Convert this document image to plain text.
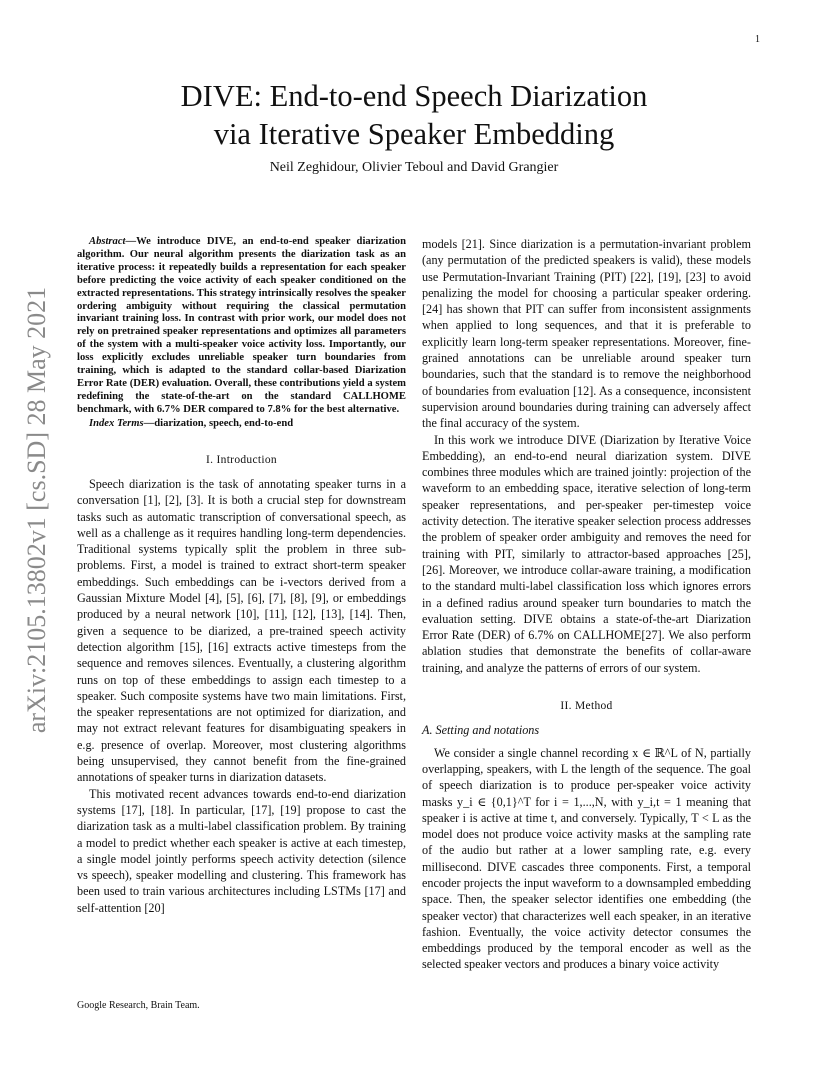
1
arXiv:2105.13802v1 [cs.SD] 28 May 2021
DIVE: End-to-end Speech Diarization
via Iterative Speaker Embedding
Neil Zeghidour, Olivier Teboul and David Grangier

Abstract—We introduce DIVE, an end-to-end speaker diarization algorithm. Our neural algorithm presents the diarization task as an iterative process: it repeatedly builds a representation for each speaker before predicting the voice activity of each speaker conditioned on the extracted representations. This strategy intrinsically resolves the speaker ordering ambiguity without requiring the classical permutation invariant training loss. In contrast with prior work, our model does not rely on pretrained speaker representations and optimizes all parameters of the system with a multi-speaker voice activity loss. Importantly, our loss explicitly excludes unreliable speaker turn boundaries from training, which is adapted to the standard collar-based Diarization Error Rate (DER) evaluation. Overall, these contributions yield a system redefining the state-of-the-art on the standard CALLHOME benchmark, with 6.7% DER compared to 7.8% for the best alternative.

Index Terms—diarization, speech, end-to-end

I. Introduction

Speech diarization is the task of annotating speaker turns in a conversation [1], [2], [3]. It is both a crucial step for downstream tasks such as automatic transcription of conversational speech, as well as a challenge as it requires handling long-term dependencies. Traditional systems typically split the problem in three sub-problems. First, a model is trained to extract short-term speaker embeddings. Such embeddings can be i-vectors derived from a Gaussian Mixture Model [4], [5], [6], [7], [8], [9], or embeddings produced by a neural network [10], [11], [12], [13], [14]. Then, given a sequence to be diarized, a pre-trained speech activity detection algorithm [15], [16] extracts active timesteps from the sequence and removes silences. Eventually, a clustering algorithm runs on top of these embeddings to assign each timestep to a speaker. Such composite systems have two main limitations. First, the speaker representations are not optimized for diarization, and may not extract relevant features for disambiguating speakers in e.g. presence of overlap. Moreover, most clustering algorithms being unsupervised, they cannot benefit from the fine-grained annotations of speaker turns in diarization datasets.

This motivated recent advances towards end-to-end diarization systems [17], [18]. In particular, [17], [19] propose to cast the diarization task as a multi-label classification problem. By training a model to predict whether each speaker is active at each timestep, a single model jointly performs speech activity detection (silence vs speech), speaker modelling and clustering. This framework has been used to train various architectures including LSTMs [17] and self-attention [20]

Google Research, Brain Team.

models [21]. Since diarization is a permutation-invariant problem (any permutation of the predicted speakers is valid), these models use Permutation-Invariant Training (PIT) [22], [19], [23] to avoid penalizing the model for choosing a particular speaker ordering. [24] has shown that PIT can suffer from inconsistent assignments when applied to long sequences, and that it is preferable to explicitly learn long-term speaker representations. Moreover, fine-grained annotations can be unreliable around speaker turn boundaries, such that the standard is to remove the neighborhood of boundaries from evaluation [12]. As a consequence, inconsistent supervision around boundaries during training can adversely affect the final accuracy of the system.

In this work we introduce DIVE (Diarization by Iterative Voice Embedding), an end-to-end neural diarization system. DIVE combines three modules which are trained jointly: projection of the waveform to an embedding space, iterative selection of long-term speaker representations, and per-speaker per-timestep voice activity detection. The iterative speaker selection process addresses the problem of speaker order ambiguity and removes the need for training with PIT, similarly to attractor-based approaches [25], [26]. Moreover, we introduce collar-aware training, a modification to the standard multi-label classification loss which ignores errors in a defined radius around speaker turn boundaries to match the evaluation setting. DIVE obtains a state-of-the-art Diarization Error Rate (DER) of 6.7% on CALLHOME[27]. We also perform ablation studies that demonstrate the benefits of collar-aware training, and analyze the patterns of errors of our system.

II. Method
A. Setting and notations

We consider a single channel recording x ∈ ℝ^L of N, partially overlapping, speakers, with L the length of the sequence. The goal of speech diarization is to produce per-speaker voice activity masks y_i ∈ {0,1}^T for i = 1,...,N, with y_i,t = 1 meaning that speaker i is active at time t, and conversely. Typically, T < L as the model does not produce voice activity masks at the sampling rate of the audio but rather at a lower sampling rate, e.g. every millisecond. DIVE cascades three components. First, a temporal encoder projects the input waveform to a downsampled embedding space. Then, the speaker selector identifies one embedding (the speaker vector) that characterizes well each speaker, in an iterative fashion. Eventually, the voice activity detector consumes the embeddings produced by the temporal encoder as well as the selected speaker vectors and produces a binary voice activity
